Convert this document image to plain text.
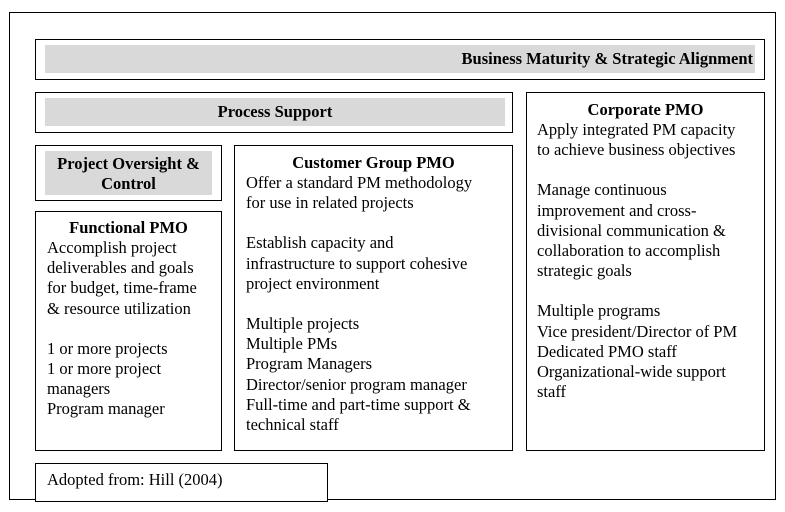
Business Maturity & Strategic Alignment
Process Support
Project Oversight &
Control
Functional PMO
Accomplish project
deliverables and goals
for budget, time-frame
& resource utilization
1 or more projects
1 or more project
managers
Program manager
Customer Group PMO
Offer a standard PM methodology
for use in related projects
Establish capacity and
infrastructure to support cohesive
project environment
Multiple projects
Multiple PMs
Program Managers
Director/senior program manager
Full-time and part-time support &
technical staff
Corporate PMO
Apply integrated PM capacity
to achieve business objectives
Manage continuous
improvement and cross-
divisional communication &
collaboration to accomplish
strategic goals
Multiple programs
Vice president/Director of PM
Dedicated PMO staff
Organizational-wide support
staff
Adopted from: Hill (2004)
